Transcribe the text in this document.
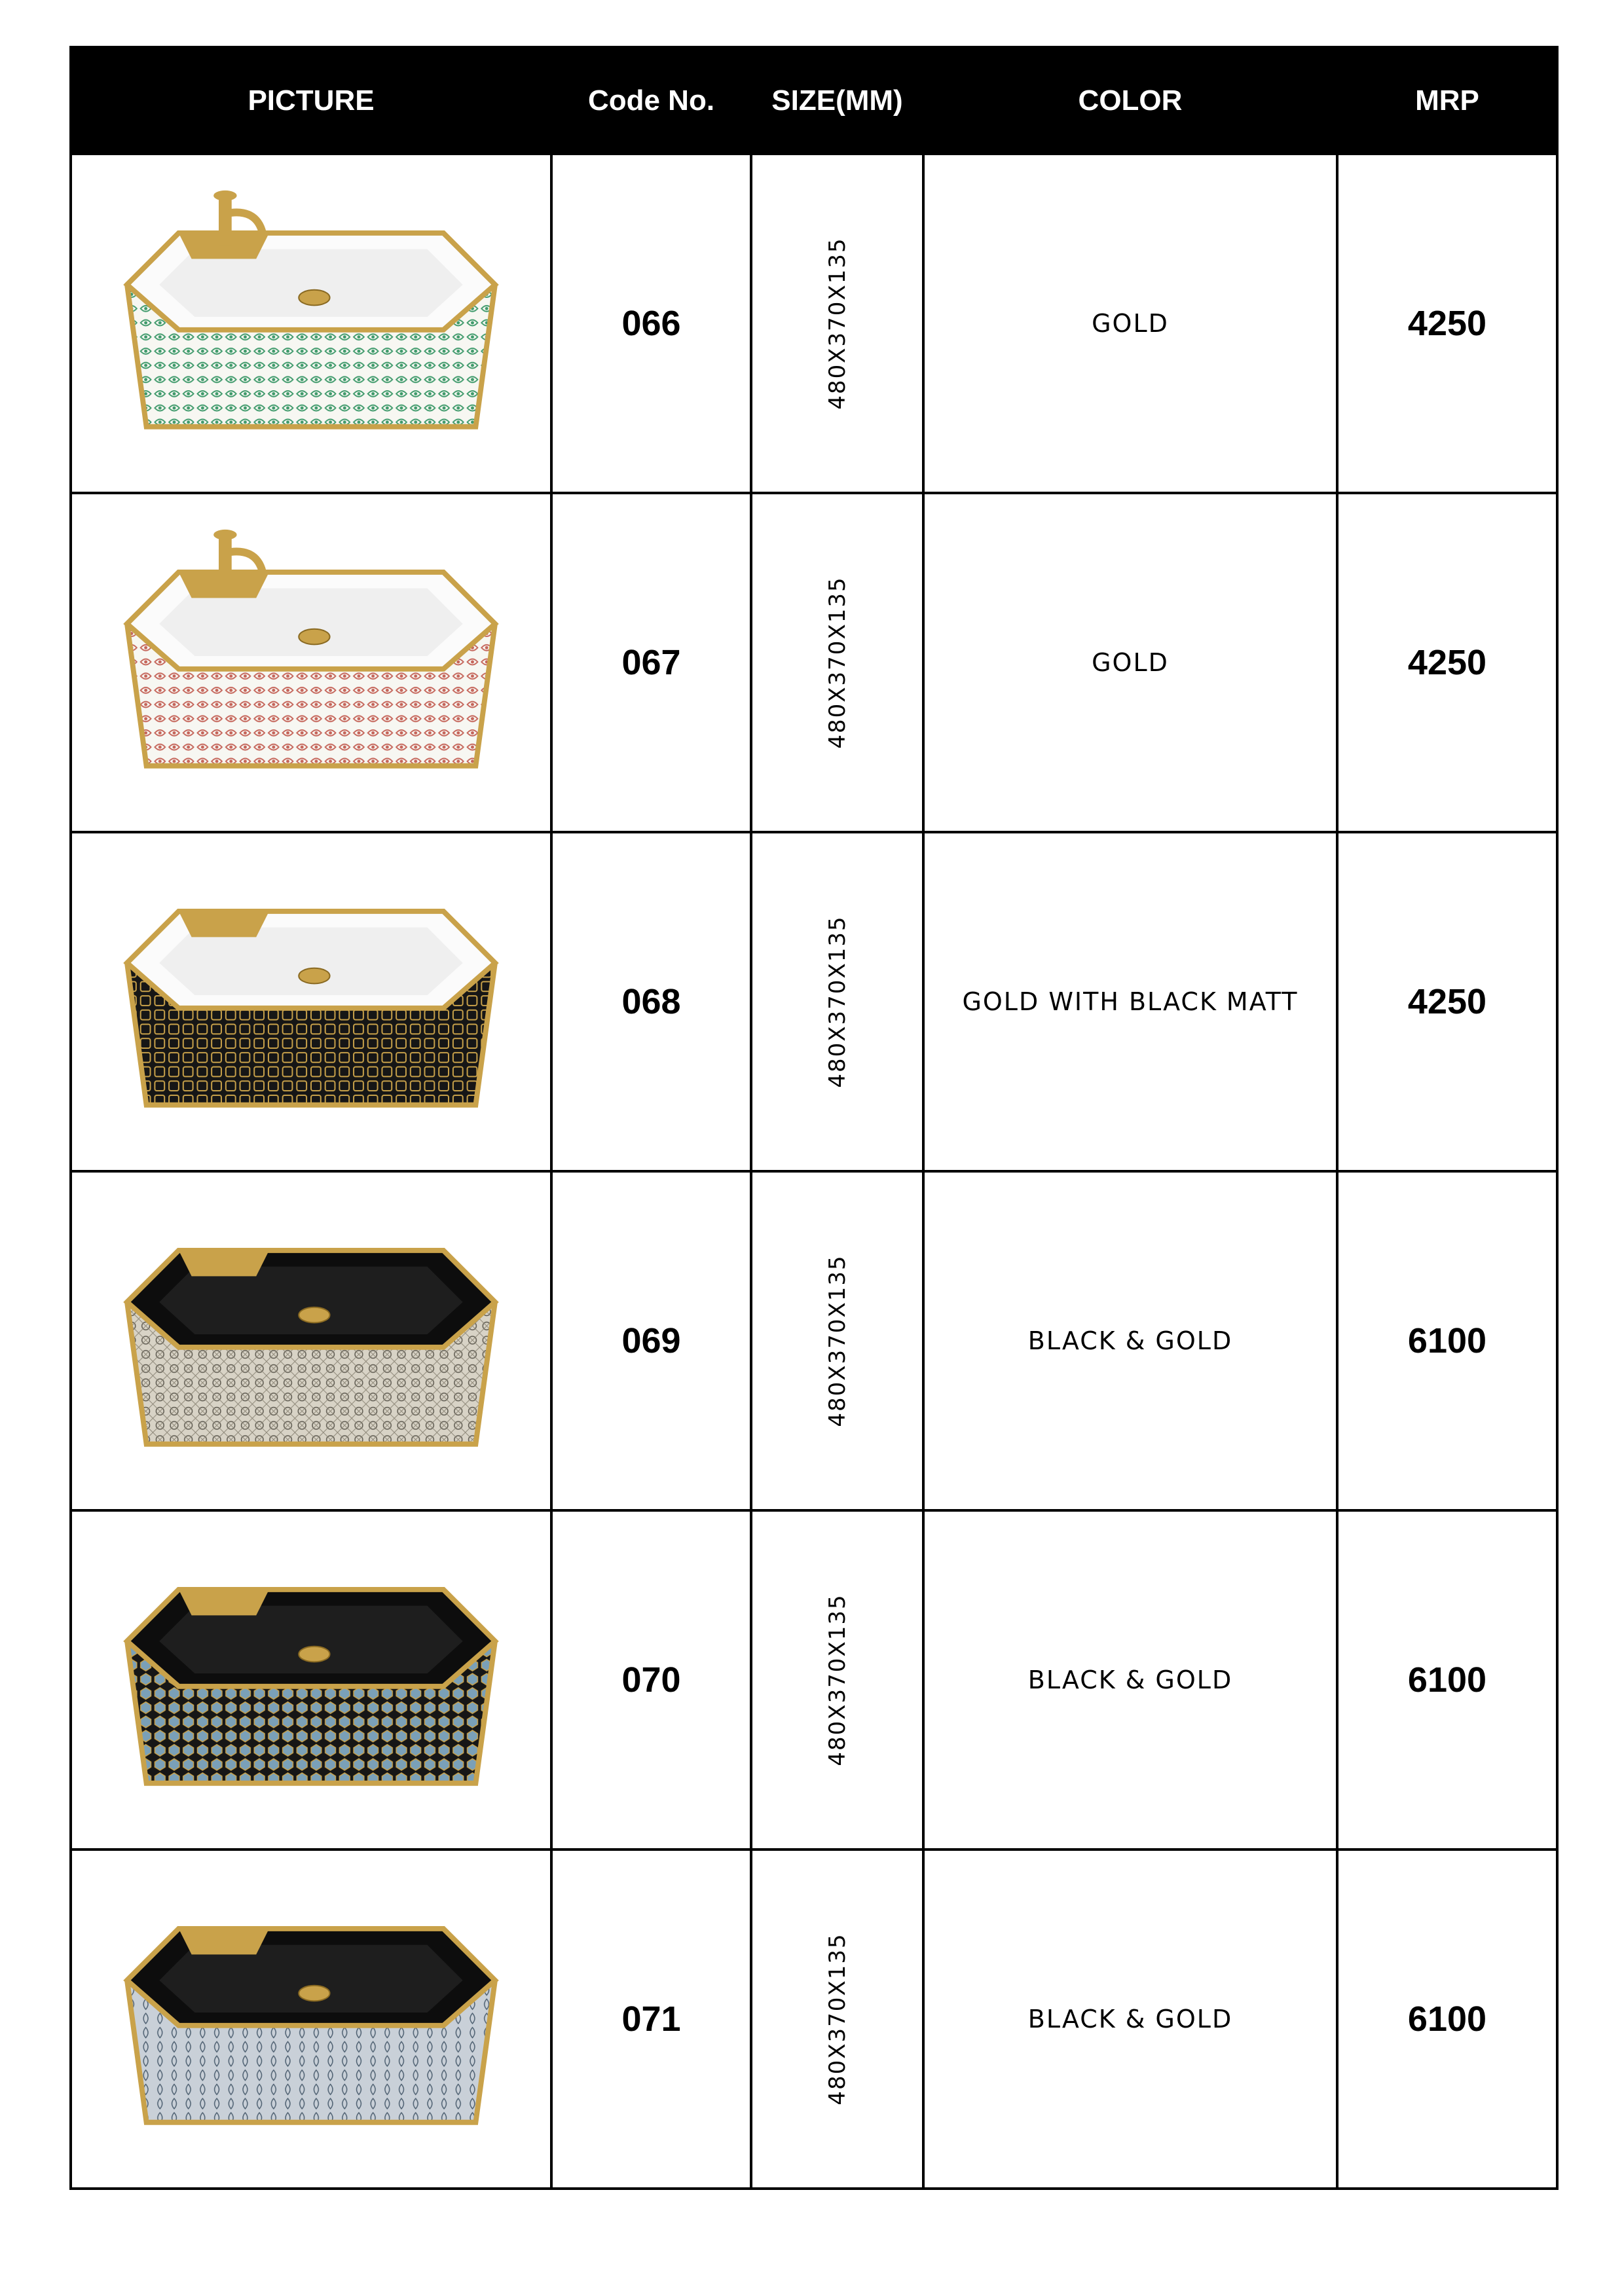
PICTURE	Code No.	SIZE(MM)	COLOR	MRP

	066	480X370X135	GOLD	4250

	067	480X370X135	GOLD	4250

	068	480X370X135	GOLD WITH BLACK MATT	4250

	069	480X370X135	BLACK & GOLD	6100

	070	480X370X135	BLACK & GOLD	6100

	071	480X370X135	BLACK & GOLD	6100
